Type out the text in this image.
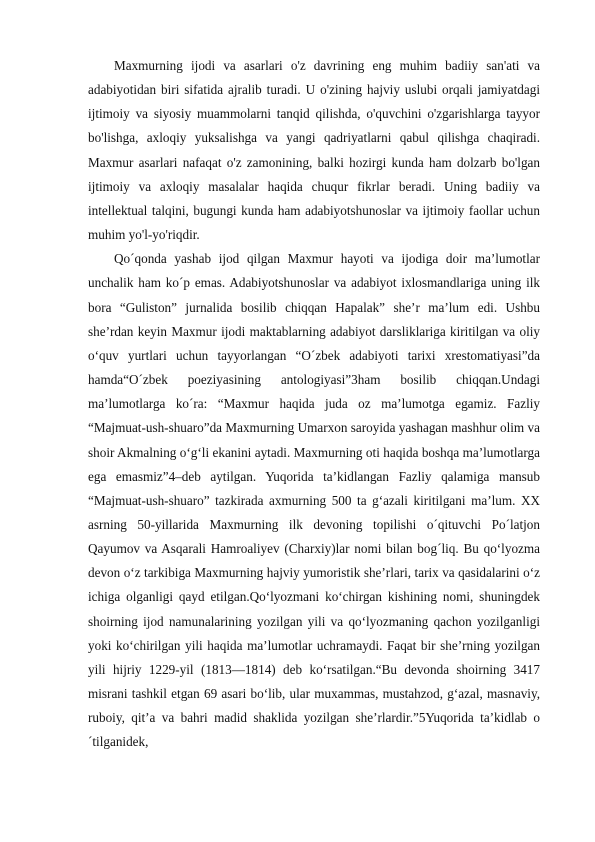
Maxmurning ijodi va asarlari o'z davrining eng muhim badiiy san'ati va adabiyotidan biri sifatida ajralib turadi. U o'zining hajviy uslubi orqali jamiyatdagi ijtimoiy va siyosiy muammolarni tanqid qilishda, o'quvchini o'zgarishlarga tayyor bo'lishga, axloqiy yuksalishga va yangi qadriyatlarni qabul qilishga chaqiradi. Maxmur asarlari nafaqat o'z zamonining, balki hozirgi kunda ham dolzarb bo'lgan ijtimoiy va axloqiy masalalar haqida chuqur fikrlar beradi. Uning badiiy va intellektual talqini, bugungi kunda ham adabiyotshunoslar va ijtimoiy faollar uchun muhim yo'l-yo'riqdir.

Qo´qonda yashab ijod qilgan Maxmur hayoti va ijodiga doir ma’lumotlar unchalik ham ko´p emas. Adabiyotshunoslar va adabiyot ixlosmandlariga uning ilk bora “Guliston” jurnalida bosilib chiqqan Hapalak” she’r ma’lum edi. Ushbu she’rdan keyin Maxmur ijodi maktablarning adabiyot darsliklariga kiritilgan va oliy o‘quv yurtlari uchun tayyorlangan “O´zbek adabiyoti tarixi xrestomatiyasi”da hamda“O´zbek poeziyasining antologiyasi”3ham bosilib chiqqan.Undagi ma’lumotlarga ko´ra: “Maxmur haqida juda oz ma’lumotga egamiz. Fazliy “Majmuat-ush-shuaro”da Maxmurning Umarxon saroyida yashagan mashhur olim va shoir Akmalning o‘g‘li ekanini aytadi. Maxmurning oti haqida boshqa ma’lumotlarga ega emasmiz”4–deb aytilgan. Yuqorida ta’kidlangan Fazliy qalamiga mansub “Majmuat-ush-shuaro” tazkirada axmurning 500 ta g‘azali kiritilgani ma’lum. XX asrning 50-yillarida Maxmurning ilk devoning topilishi o´qituvchi Po´latjon Qayumov va Asqarali Hamroaliyev (Charxiy)lar nomi bilan bog´liq. Bu qo‘lyozma devon o‘z tarkibiga Maxmurning hajviy yumoristik she’rlari, tarix va qasidalarini o‘z ichiga olganligi qayd etilgan.Qo‘lyozmani ko‘chirgan kishining nomi, shuningdek shoirning ijod namunalarining yozilgan yili va qo‘lyozmaning qachon yozilganligi yoki ko‘chirilgan yili haqida ma’lumotlar uchramaydi. Faqat bir she’rning yozilgan yili hijriy 1229-yil (1813—1814) deb ko‘rsatilgan.“Bu devonda shoirning 3417 misrani tashkil etgan 69 asari bo‘lib, ular muxammas, mustahzod, g‘azal, masnaviy, ruboiy, qit’a va bahri madid shaklida yozilgan she’rlardir.”5Yuqorida ta’kidlab o´tilganidek,
